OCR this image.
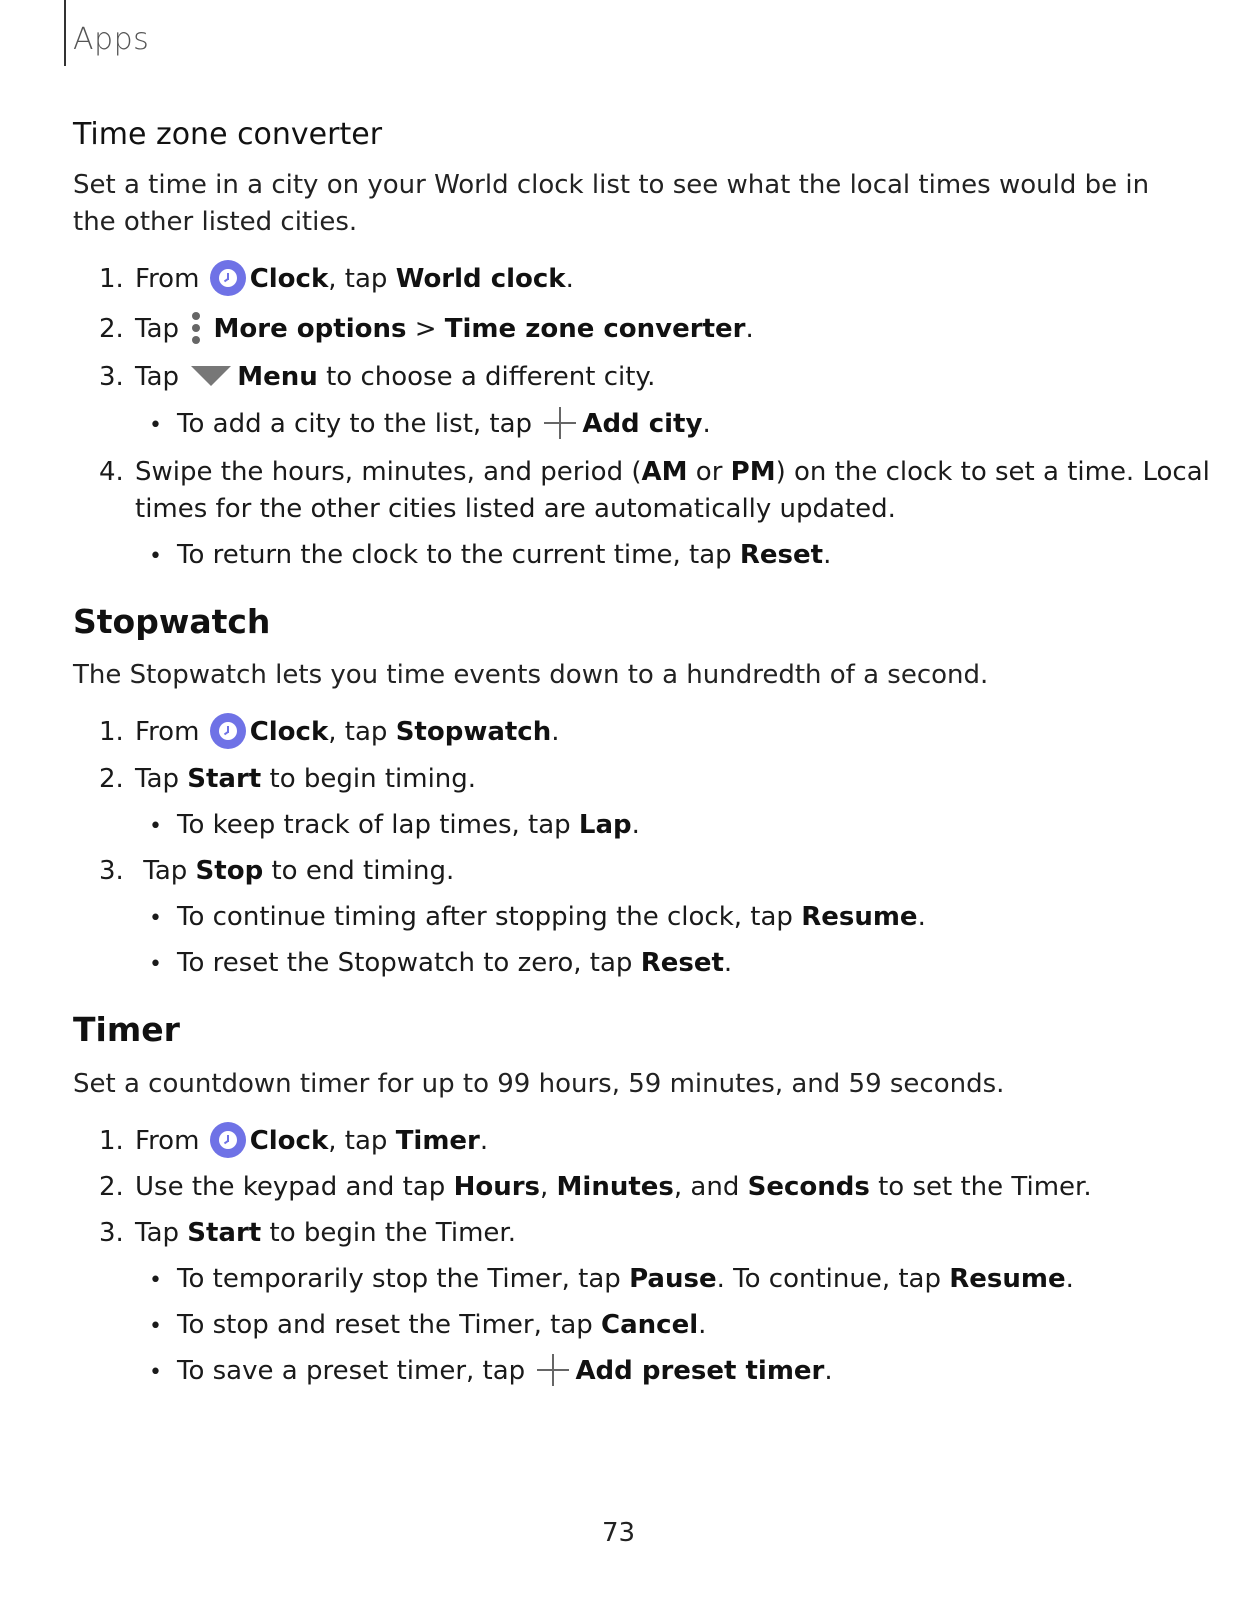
Apps
Time zone converter
Set a time in a city on your World clock list to see what the local times would be in
the other listed cities.
1. From Clock, tap World clock.
2. Tap More options > Time zone converter.
3. Tap Menu to choose a different city.
• To add a city to the list, tap Add city.
4. Swipe the hours, minutes, and period (AM or PM) on the clock to set a time. Local
times for the other cities listed are automatically updated.
• To return the clock to the current time, tap Reset.
Stopwatch
The Stopwatch lets you time events down to a hundredth of a second.
1. From Clock, tap Stopwatch.
2. Tap Start to begin timing.
• To keep track of lap times, tap Lap.
3. Tap Stop to end timing.
• To continue timing after stopping the clock, tap Resume.
• To reset the Stopwatch to zero, tap Reset.
Timer
Set a countdown timer for up to 99 hours, 59 minutes, and 59 seconds.
1. From Clock, tap Timer.
2. Use the keypad and tap Hours, Minutes, and Seconds to set the Timer.
3. Tap Start to begin the Timer.
• To temporarily stop the Timer, tap Pause. To continue, tap Resume.
• To stop and reset the Timer, tap Cancel.
• To save a preset timer, tap Add preset timer.
73
